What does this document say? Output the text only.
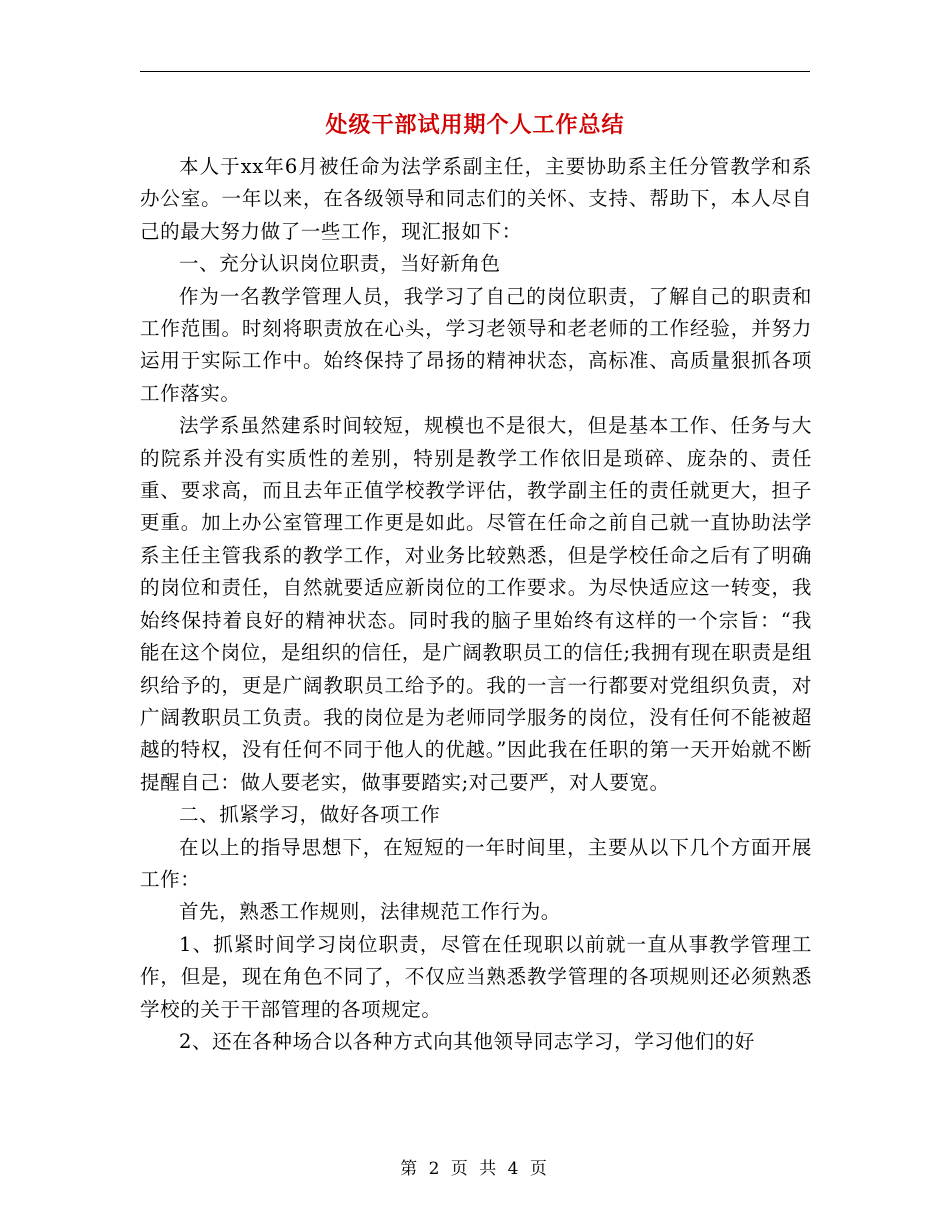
处级干部试用期个人工作总结

本人于xx年6月被任命为法学系副主任，主要协助系主任分管教学和系办公室。一年以来，在各级领导和同志们的关怀、支持、帮助下，本人尽自己的最大努力做了一些工作，现汇报如下：

一、充分认识岗位职责，当好新角色

作为一名教学管理人员，我学习了自己的岗位职责，了解自己的职责和工作范围。时刻将职责放在心头，学习老领导和老老师的工作经验，并努力运用于实际工作中。始终保持了昂扬的精神状态，高标准、高质量狠抓各项工作落实。

法学系虽然建系时间较短，规模也不是很大，但是基本工作、任务与大的院系并没有实质性的差别，特别是教学工作依旧是琐碎、庞杂的、责任重、要求高，而且去年正值学校教学评估，教学副主任的责任就更大，担子更重。加上办公室管理工作更是如此。尽管在任命之前自己就一直协助法学系主任主管我系的教学工作，对业务比较熟悉，但是学校任命之后有了明确的岗位和责任，自然就要适应新岗位的工作要求。为尽快适应这一转变，我始终保持着良好的精神状态。同时我的脑子里始终有这样的一个宗旨：“我能在这个岗位，是组织的信任，是广阔教职员工的信任;我拥有现在职责是组织给予的，更是广阔教职员工给予的。我的一言一行都要对党组织负责，对广阔教职员工负责。我的岗位是为老师同学服务的岗位，没有任何不能被超越的特权，没有任何不同于他人的优越。”因此我在任职的第一天开始就不断提醒自己：做人要老实，做事要踏实;对己要严，对人要宽。

二、抓紧学习，做好各项工作

在以上的指导思想下，在短短的一年时间里，主要从以下几个方面开展工作：

首先，熟悉工作规则，法律规范工作行为。

1、抓紧时间学习岗位职责，尽管在任现职以前就一直从事教学管理工作，但是，现在角色不同了，不仅应当熟悉教学管理的各项规则还必须熟悉学校的关于干部管理的各项规定。

2、还在各种场合以各种方式向其他领导同志学习，学习他们的好

第 2 页 共 4 页
